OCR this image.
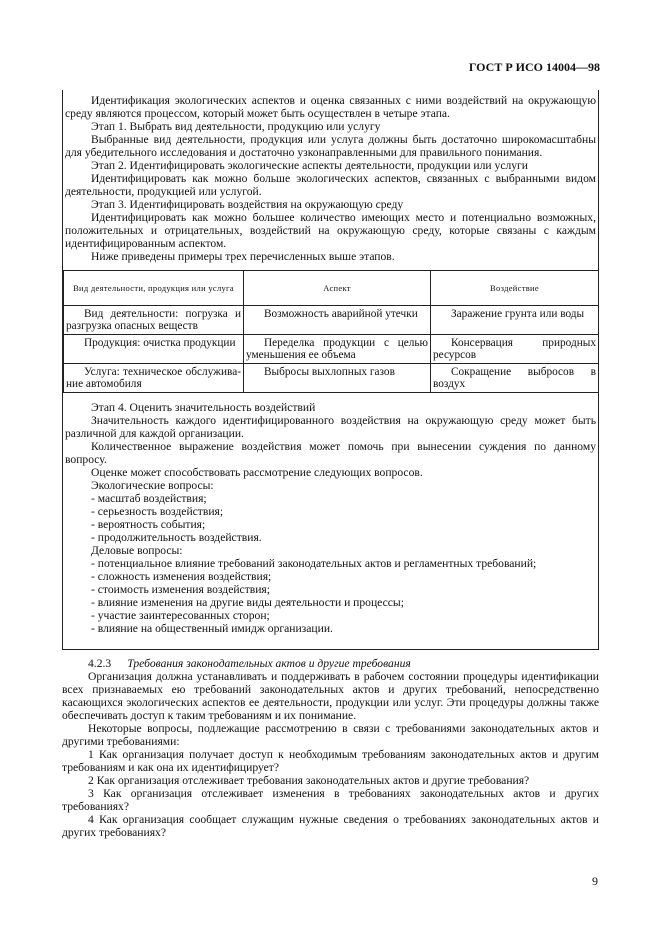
ГОСТ Р ИСО 14004—98

Идентификация экологических аспектов и оценка связанных с ними воздействий на окружающую среду являются процессом, который может быть осуществлен в четыре этапа.

Этап 1. Выбрать вид деятельности, продукцию или услугу

Выбранные вид деятельности, продукция или услуга должны быть достаточно широкомасштабны для убедительного исследования и достаточно узконаправленными для правильного понимания.

Этап 2. Идентифицировать экологические аспекты деятельности, продукции или услуги

Идентифицировать как можно больше экологических аспектов, связанных с выбранными видом деятельности, продукцией или услугой.

Этап 3. Идентифицировать воздействия на окружающую среду

Идентифицировать как можно большее количество имеющих место и потенциально возможных, положительных и отрицательных, воздействий на окружающую среду, которые связаны с каждым идентифицированным аспектом.

Ниже приведены примеры трех перечисленных выше этапов.

Вид деятельности, продукция или услуга	Аспект	Воздействие
Вид деятельности: погрузка и разгрузка опасных веществ	Возможность аварийной утечки	Заражение грунта или воды
Продукция: очистка продукции	Переделка продукции с целью уменьшения ее объема	Консервация природных ресурсов
Услуга: техническое обслуживание автомобиля	Выбросы выхлопных газов	Сокращение выбросов в воздух

Этап 4. Оценить значительность воздействий

Значительность каждого идентифицированного воздействия на окружающую среду может быть различной для каждой организации.

Количественное выражение воздействия может помочь при вынесении суждения по данному вопросу.

Оценке может способствовать рассмотрение следующих вопросов.

Экологические вопросы:

- масштаб воздействия;

- серьезность воздействия;

- вероятность события;

- продолжительность воздействия.

Деловые вопросы:

- потенциальное влияние требований законодательных актов и регламентных требований;

- сложность изменения воздействия;

- стоимость изменения воздействия;

- влияние изменения на другие виды деятельности и процессы;

- участие заинтересованных сторон;

- влияние на общественный имидж организации.

4.2.3 Требования законодательных актов и другие требования

Организация должна устанавливать и поддерживать в рабочем состоянии процедуры идентификации всех признаваемых ею требований законодательных актов и других требований, непосредственно касающихся экологических аспектов ее деятельности, продукции или услуг. Эти процедуры должны также обеспечивать доступ к таким требованиям и их понимание.

Некоторые вопросы, подлежащие рассмотрению в связи с требованиями законодательных актов и другими требованиями:

1 Как организация получает доступ к необходимым требованиям законодательных актов и другим требованиям и как она их идентифицирует?

2 Как организация отслеживает требования законодательных актов и другие требования?

3 Как организация отслеживает изменения в требованиях законодательных актов и других требованиях?

4 Как организация сообщает служащим нужные сведения о требованиях законодательных актов и других требованиях?

9
